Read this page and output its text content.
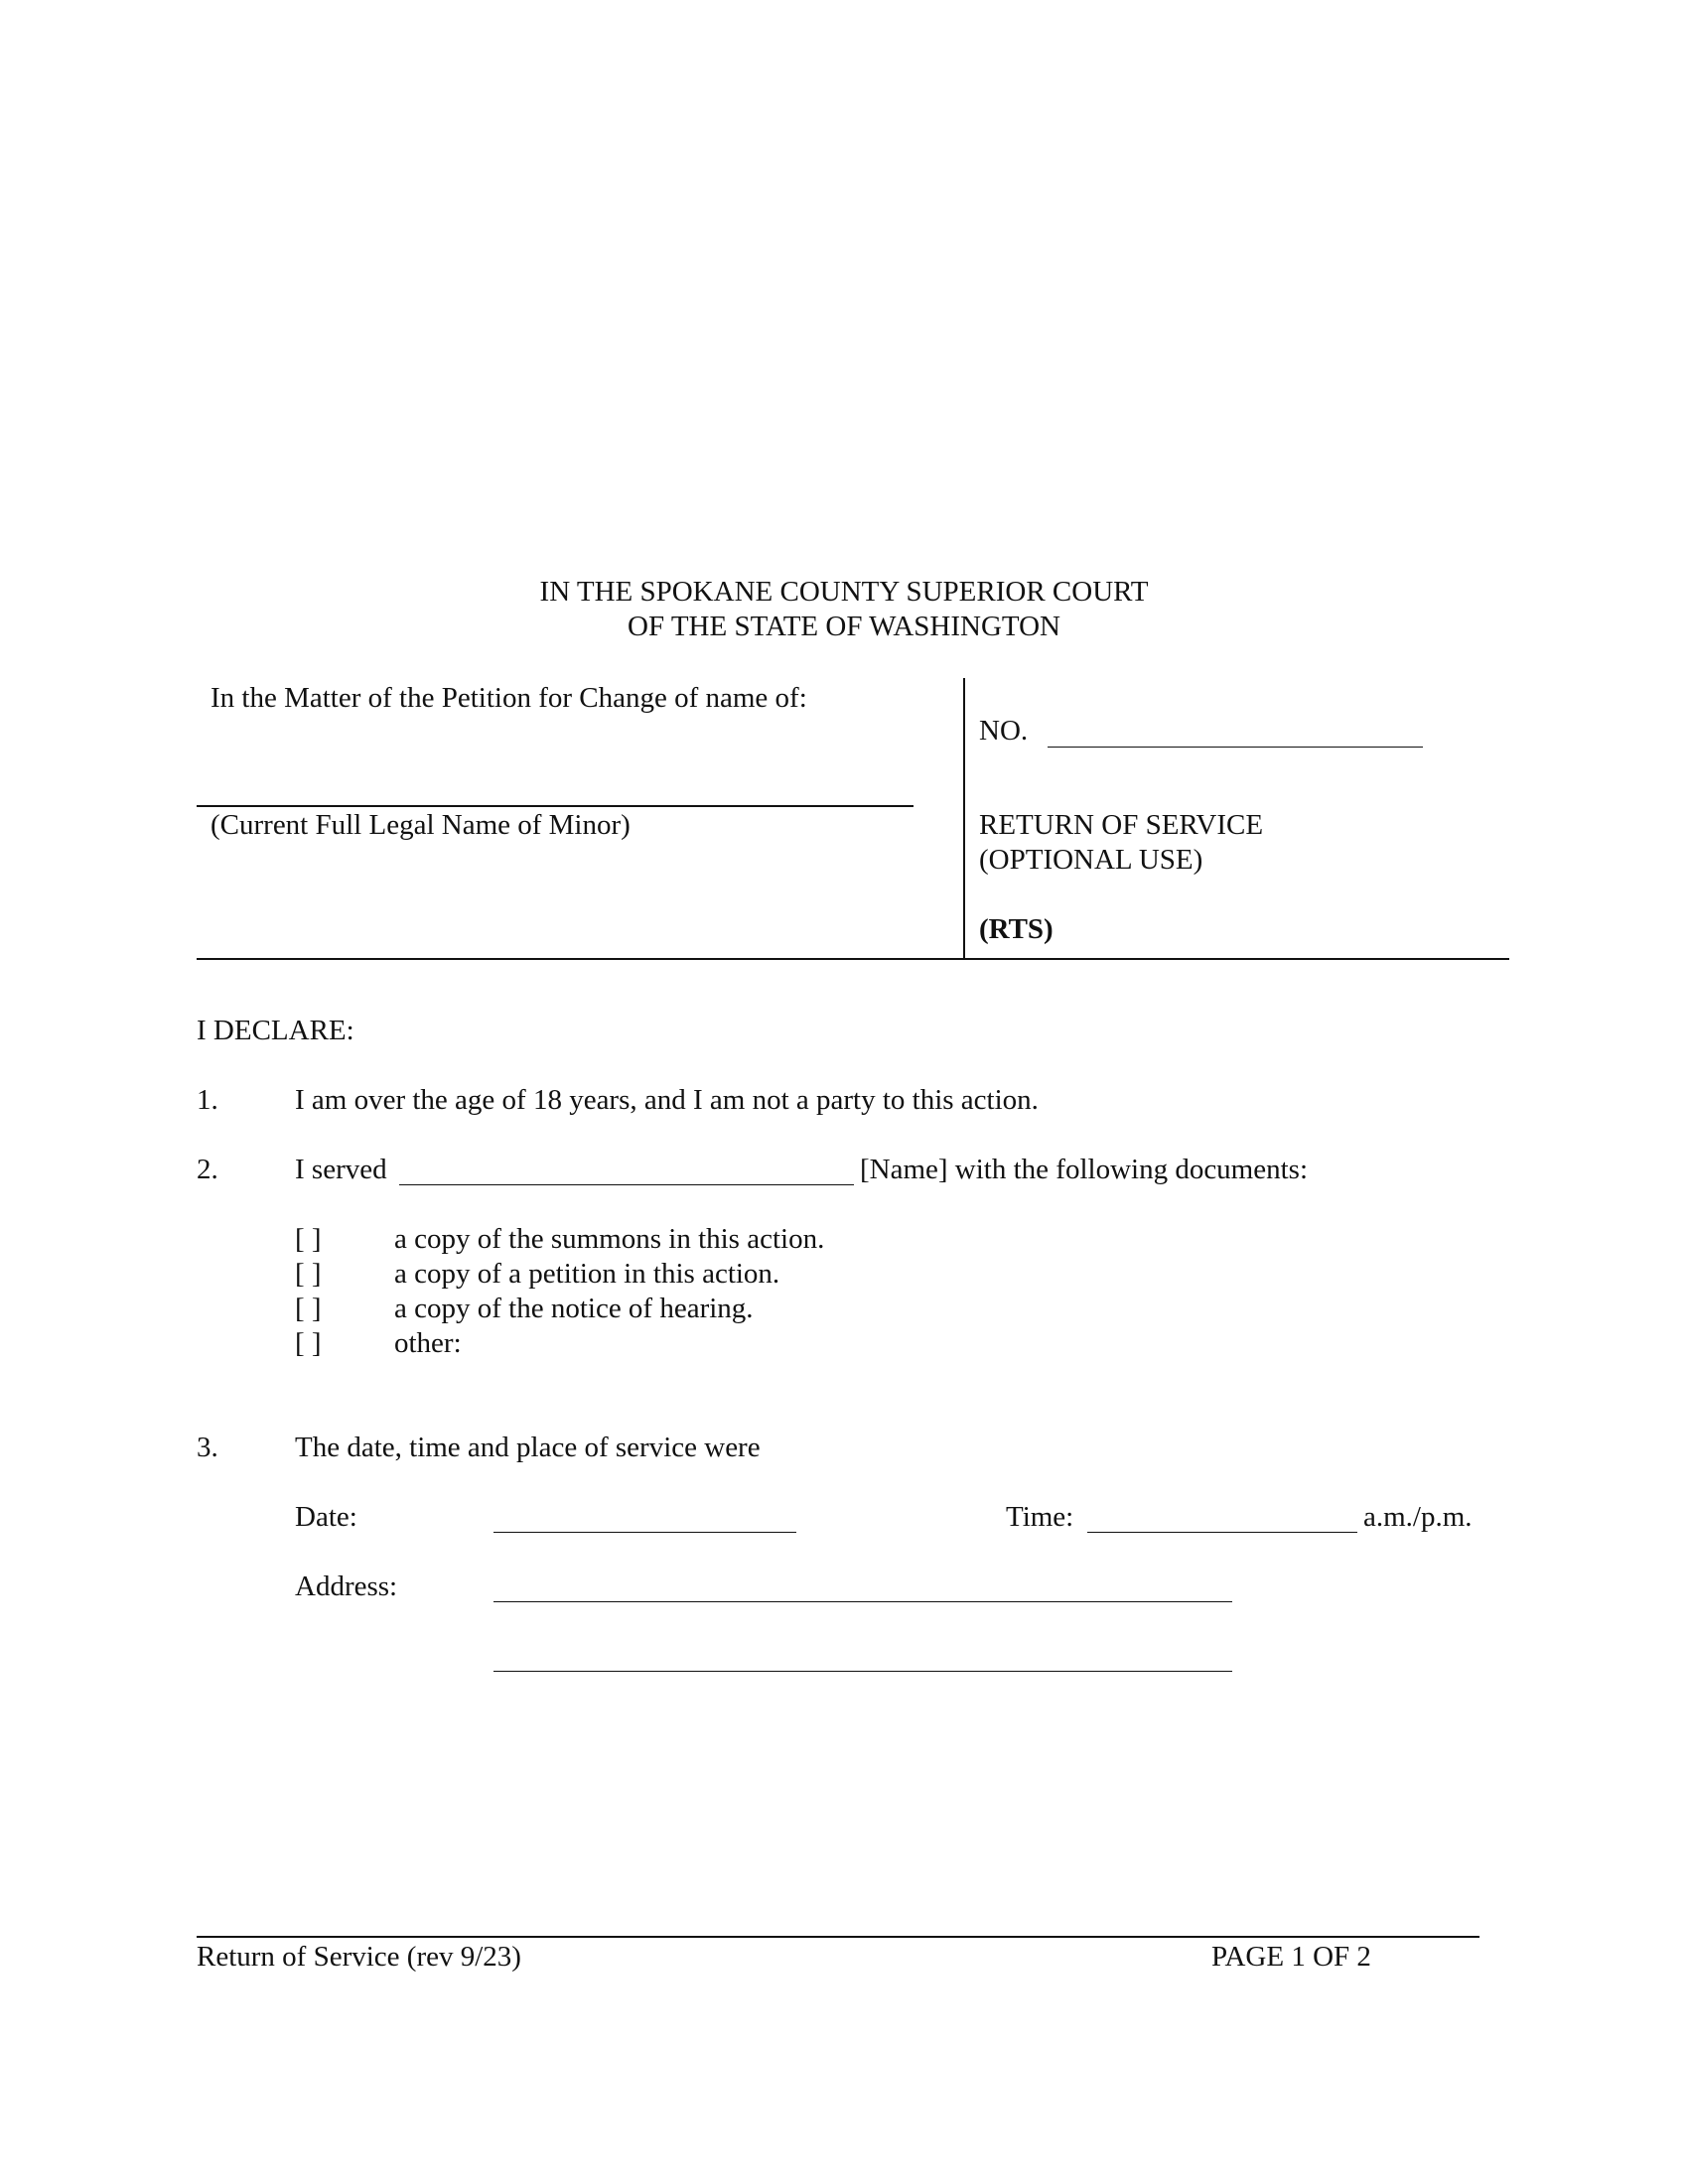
IN THE SPOKANE COUNTY SUPERIOR COURT
OF THE STATE OF WASHINGTON
In the Matter of the Petition for Change of name of:
(Current Full Legal Name of Minor)
NO.
RETURN OF SERVICE
(OPTIONAL USE)
(RTS)
I DECLARE:
1.	I am over the age of 18 years, and I am not a party to this action.
2.	I served	[Name] with the following documents:
[ ]	a copy of the summons in this action.
[ ]	a copy of a petition in this action.
[ ]	a copy of the notice of hearing.
[ ]	other:
3.	The date, time and place of service were
Date:	Time:	a.m./p.m.
Address:
Return of Service (rev 9/23)	PAGE 1 OF 2
